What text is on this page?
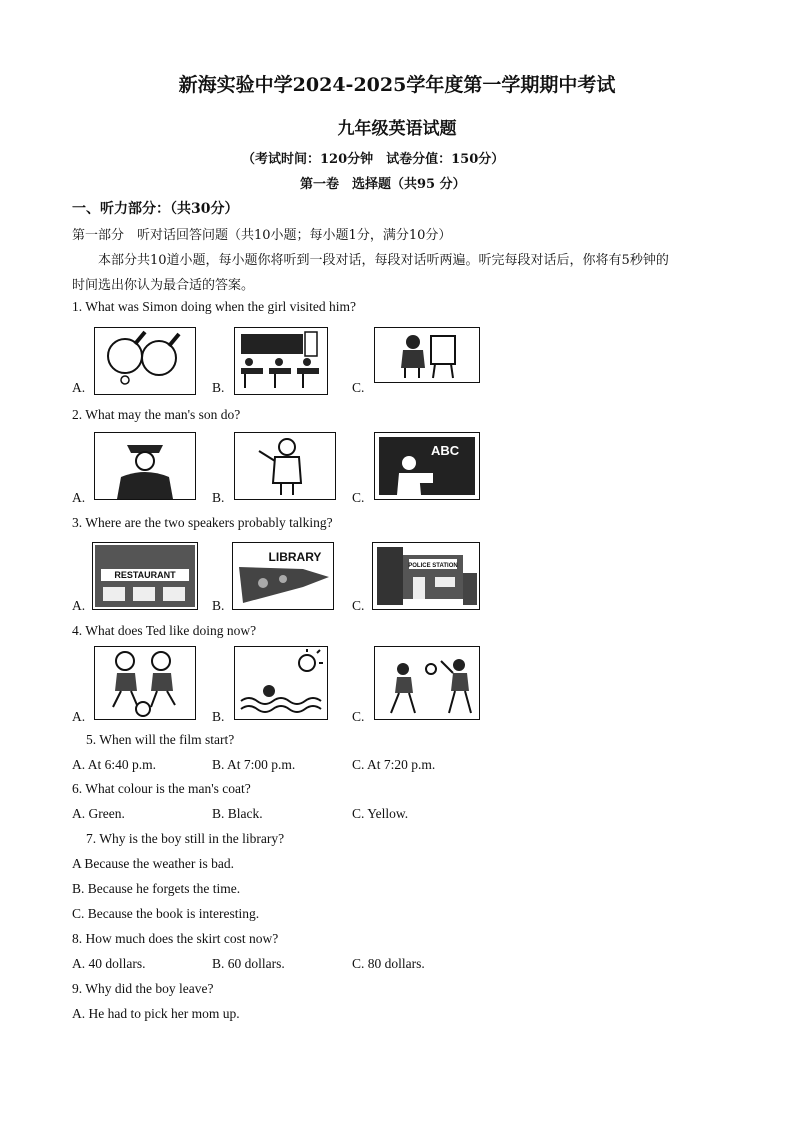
新海实验中学2024-2025学年度第一学期期中考试
九年级英语试题
（考试时间：120分钟　试卷分值：150分）
第一卷　选择题（共95 分）
一、听力部分：（共30分）
第一部分　听对话回答问题（共10小题；每小题1分，满分10分）
本部分共10道小题，每小题你将听到一段对话，每段对话听两遍。听完每段对话后，你将有5秒钟的
时间选出你认为最合适的答案。
1. What was Simon doing when the girl visited him?
A.	B.	C.
2. What may the man's son do?
A.	B.	C.
ABC
3. Where are the two speakers probably talking?
A.
RESTAURANT
B.
LIBRARY
C.
POLICE STATION
4. What does Ted like doing now?
A.	B.	C.
5. When will the film start?
A. At 6:40 p.m.	B. At 7:00 p.m.	C. At 7:20 p.m.
6. What colour is the man's coat?
A. Green.	B. Black.	C. Yellow.
7. Why is the boy still in the library?
A Because the weather is bad.
B. Because he forgets the time.
C. Because the book is interesting.
8. How much does the skirt cost now?
A. 40 dollars.	B. 60 dollars.	C. 80 dollars.
9. Why did the boy leave?
A. He had to pick her mom up.
